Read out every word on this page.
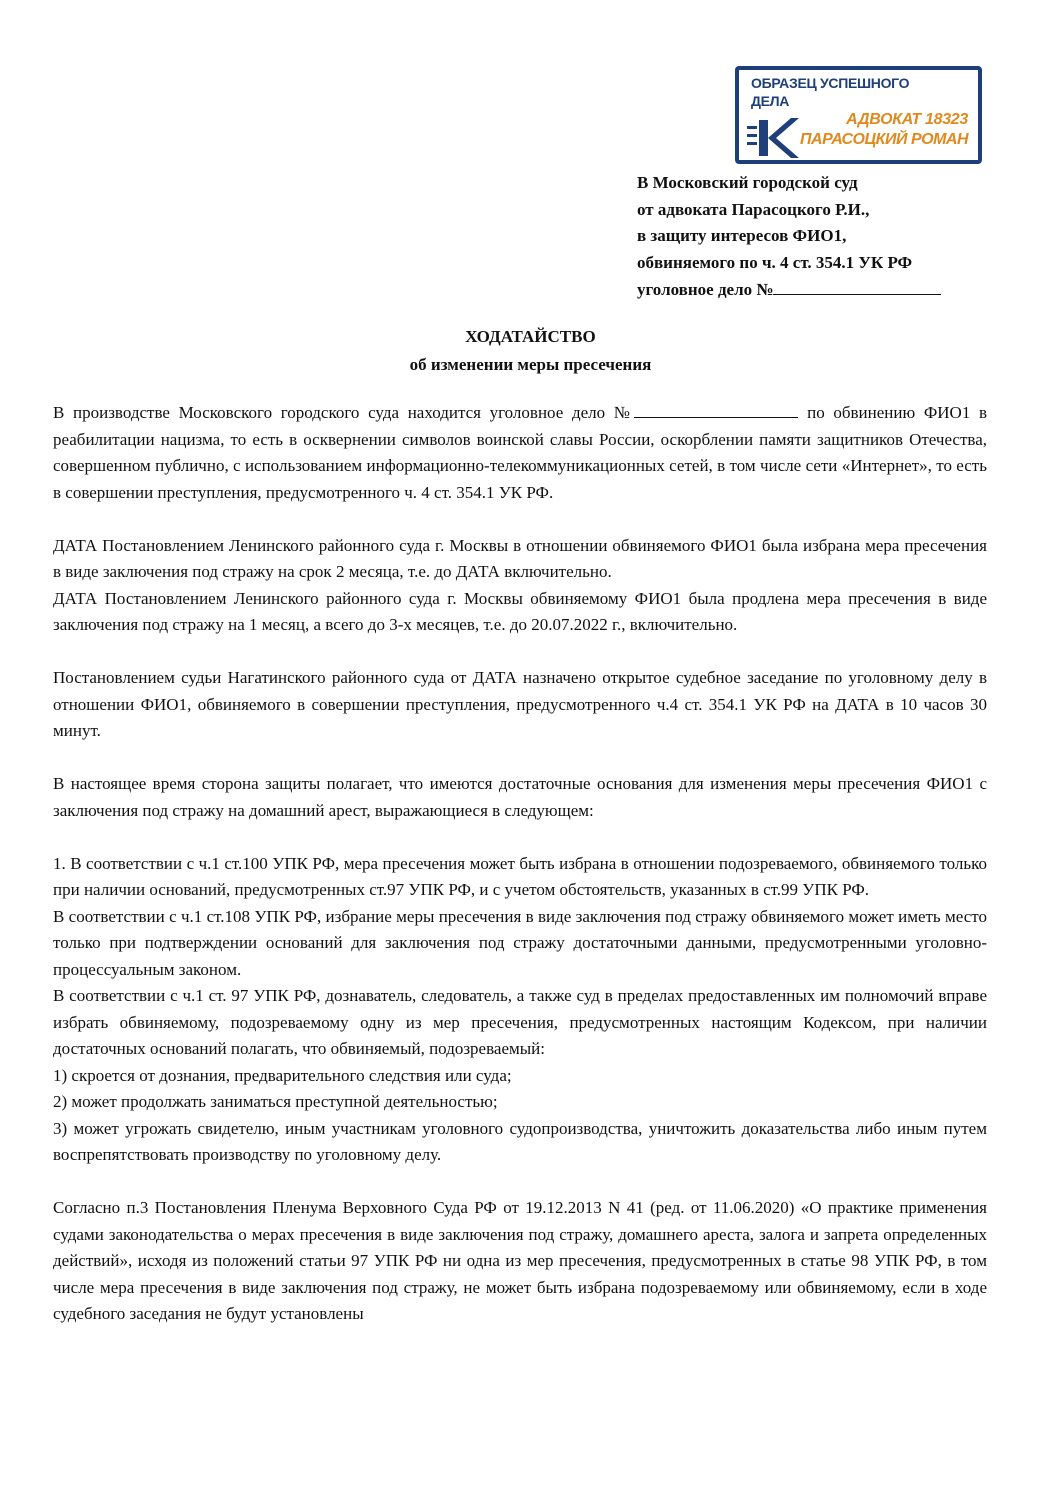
ОБРАЗЕЦ УСПЕШНОГО
ДЕЛА
АДВОКАТ 18323
ПАРАСОЦКИЙ РОМАН
В Московский городской суд
от адвоката Парасоцкого Р.И.,
в защиту интересов ФИО1,
обвиняемого по ч. 4 ст. 354.1 УК РФ
уголовное дело №
ХОДАТАЙСТВО
об изменении меры пресечения

В производстве Московского городского суда находится уголовное дело №	по обвинению ФИО1 в реабилитации нацизма, то есть в осквернении символов воинской славы России, оскорблении памяти защитников Отечества, совершенном публично, с использованием информационно-телекоммуникационных сетей, в том числе сети «Интернет», то есть в совершении преступления, предусмотренного ч. 4 ст. 354.1 УК РФ.

ДАТА Постановлением Ленинского районного суда г. Москвы в отношении обвиняемого ФИО1 была избрана мера пресечения в виде заключения под стражу на срок 2 месяца, т.е. до ДАТА включительно.

ДАТА Постановлением Ленинского районного суда г. Москвы обвиняемому ФИО1 была продлена мера пресечения в виде заключения под стражу на 1 месяц, а всего до 3-х месяцев, т.е. до 20.07.2022 г., включительно.

Постановлением судьи Нагатинского районного суда от ДАТА назначено открытое судебное заседание по уголовному делу в отношении ФИО1, обвиняемого в совершении преступления, предусмотренного ч.4 ст. 354.1 УК РФ на ДАТА в 10 часов 30 минут.

В настоящее время сторона защиты полагает, что имеются достаточные основания для изменения меры пресечения ФИО1 с заключения под стражу на домашний арест, выражающиеся в следующем:

1. В соответствии с ч.1 ст.100 УПК РФ, мера пресечения может быть избрана в отношении подозреваемого, обвиняемого только при наличии оснований, предусмотренных ст.97 УПК РФ, и с учетом обстоятельств, указанных в ст.99 УПК РФ.

В соответствии с ч.1 ст.108 УПК РФ, избрание меры пресечения в виде заключения под стражу обвиняемого может иметь место только при подтверждении оснований для заключения под стражу достаточными данными, предусмотренными уголовно-процессуальным законом.

В соответствии с ч.1 ст. 97 УПК РФ, дознаватель, следователь, а также суд в пределах предоставленных им полномочий вправе избрать обвиняемому, подозреваемому одну из мер пресечения, предусмотренных настоящим Кодексом, при наличии достаточных оснований полагать, что обвиняемый, подозреваемый:

1) скроется от дознания, предварительного следствия или суда;

2) может продолжать заниматься преступной деятельностью;

3) может угрожать свидетелю, иным участникам уголовного судопроизводства, уничтожить доказательства либо иным путем воспрепятствовать производству по уголовному делу.

Согласно п.3 Постановления Пленума Верховного Суда РФ от 19.12.2013 N 41 (ред. от 11.06.2020) «О практике применения судами законодательства о мерах пресечения в виде заключения под стражу, домашнего ареста, залога и запрета определенных действий», исходя из положений статьи 97 УПК РФ ни одна из мер пресечения, предусмотренных в статье 98 УПК РФ, в том числе мера пресечения в виде заключения под стражу, не может быть избрана подозреваемому или обвиняемому, если в ходе судебного заседания не будут установлены
